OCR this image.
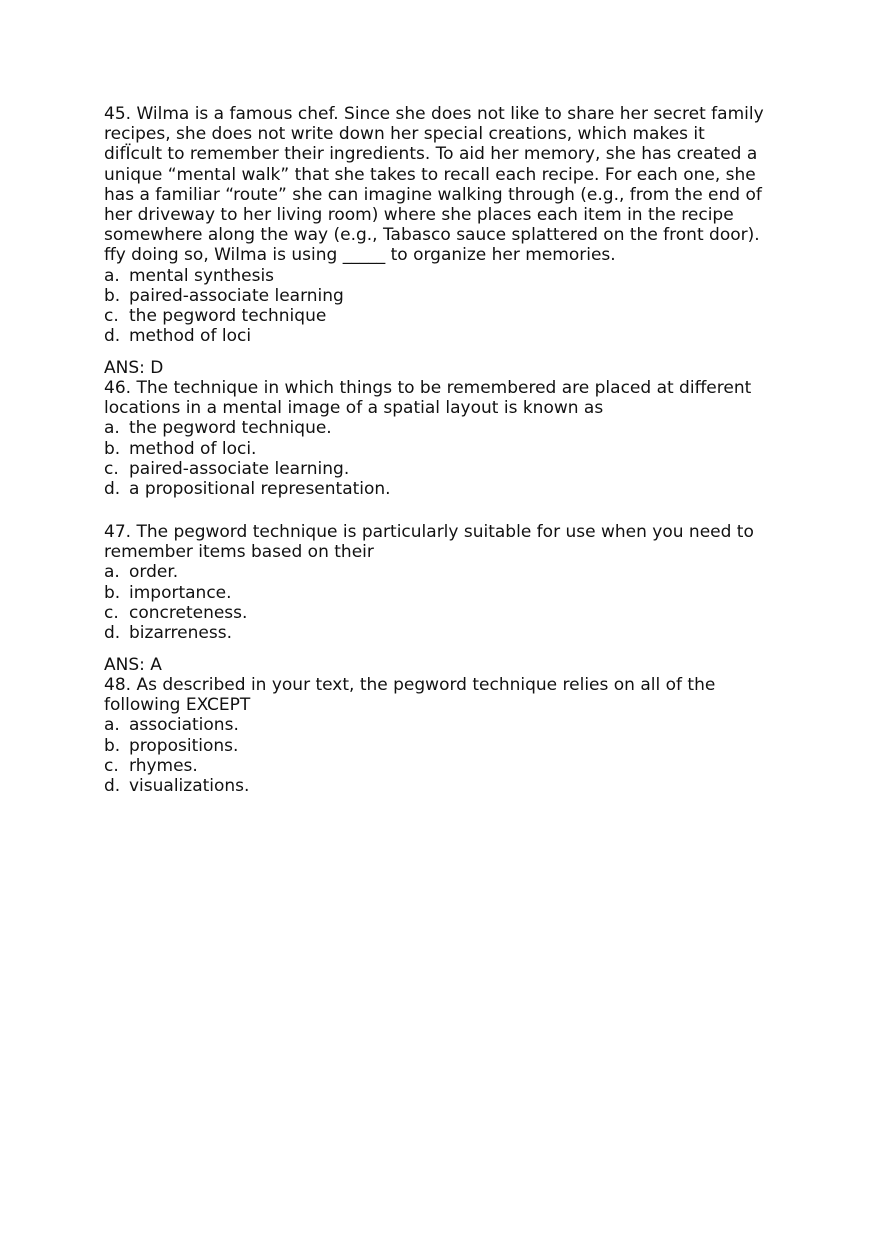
45. Wilma is a famous chef. Since she does not like to share her secret family
recipes, she does not write down her special creations, which makes it
difÏcult to remember their ingredients. To aid her memory, she has created a
unique “mental walk” that she takes to recall each recipe. For each one, she
has a familiar “route” she can imagine walking through (e.g., from the end of
her driveway to her living room) where she places each item in the recipe
somewhere along the way (e.g., Tabasco sauce splattered on the front door).
ffy doing so, Wilma is using _____ to organize her memories.

a. mental synthesis

b. paired-associate learning

c. the pegword technique

d. method of loci

ANS: D

46. The technique in which things to be remembered are placed at different
locations in a mental image of a spatial layout is known as

a. the pegword technique.

b. method of loci.

c. paired-associate learning.

d. a propositional representation.

47. The pegword technique is particularly suitable for use when you need to
remember items based on their

a. order.

b. importance.

c. concreteness.

d. bizarreness.

ANS: A

48. As described in your text, the pegword technique relies on all of the
following EXCEPT

a. associations.

b. propositions.

c. rhymes.

d. visualizations.
